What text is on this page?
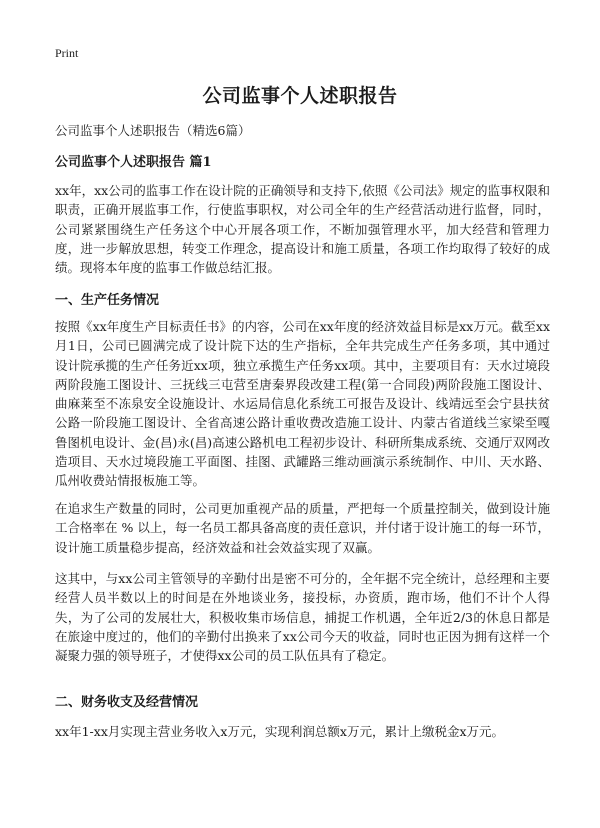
Print
公司监事个人述职报告
公司监事个人述职报告（精选6篇）
公司监事个人述职报告 篇1
xx年，xx公司的监事工作在设计院的正确领导和支持下,依照《公司法》规定的监事权限和职责，正确开展监事工作，行使监事职权，对公司全年的生产经营活动进行监督，同时，公司紧紧围绕生产任务这个中心开展各项工作，不断加强管理水平，加大经营和管理力度，进一步解放思想，转变工作理念，提高设计和施工质量，各项工作均取得了较好的成绩。现将本年度的监事工作做总结汇报。
一、生产任务情况
按照《xx年度生产目标责任书》的内容，公司在xx年度的经济效益目标是xx万元。截至xx月1日，公司已圆满完成了设计院下达的生产指标，全年共完成生产任务多项，其中通过设计院承揽的生产任务近xx项，独立承揽生产任务xx项。其中，主要项目有：天水过境段两阶段施工图设计、三抚线三屯营至唐秦界段改建工程(第一合同段)两阶段施工图设计、曲麻莱至不冻泉安全设施设计、水运局信息化系统工可报告及设计、线靖远至会宁县扶贫公路一阶段施工图设计、全省高速公路计重收费改造施工设计、内蒙古省道线兰家梁至嘎鲁图机电设计、金(昌)永(昌)高速公路机电工程初步设计、科研所集成系统、交通厅双网改造项目、天水过境段施工平面图、挂图、武罐路三维动画演示系统制作、中川、天水路、瓜州收费站情报板施工等。
在追求生产数量的同时，公司更加重视产品的质量，严把每一个质量控制关，做到设计施工合格率在 % 以上，每一名员工都具备高度的责任意识，并付诸于设计施工的每一环节，设计施工质量稳步提高，经济效益和社会效益实现了双赢。
这其中，与xx公司主管领导的辛勤付出是密不可分的，全年据不完全统计，总经理和主要经营人员半数以上的时间是在外地谈业务，接投标，办资质，跑市场，他们不计个人得失，为了公司的发展壮大，积极收集市场信息，捕捉工作机遇，全年近2/3的休息日都是在旅途中度过的，他们的辛勤付出换来了xx公司今天的收益，同时也正因为拥有这样一个凝聚力强的领导班子，才使得xx公司的员工队伍具有了稳定。
二、财务收支及经营情况
xx年1-xx月实现主营业务收入x万元，实现利润总额x万元，累计上缴税金x万元。
